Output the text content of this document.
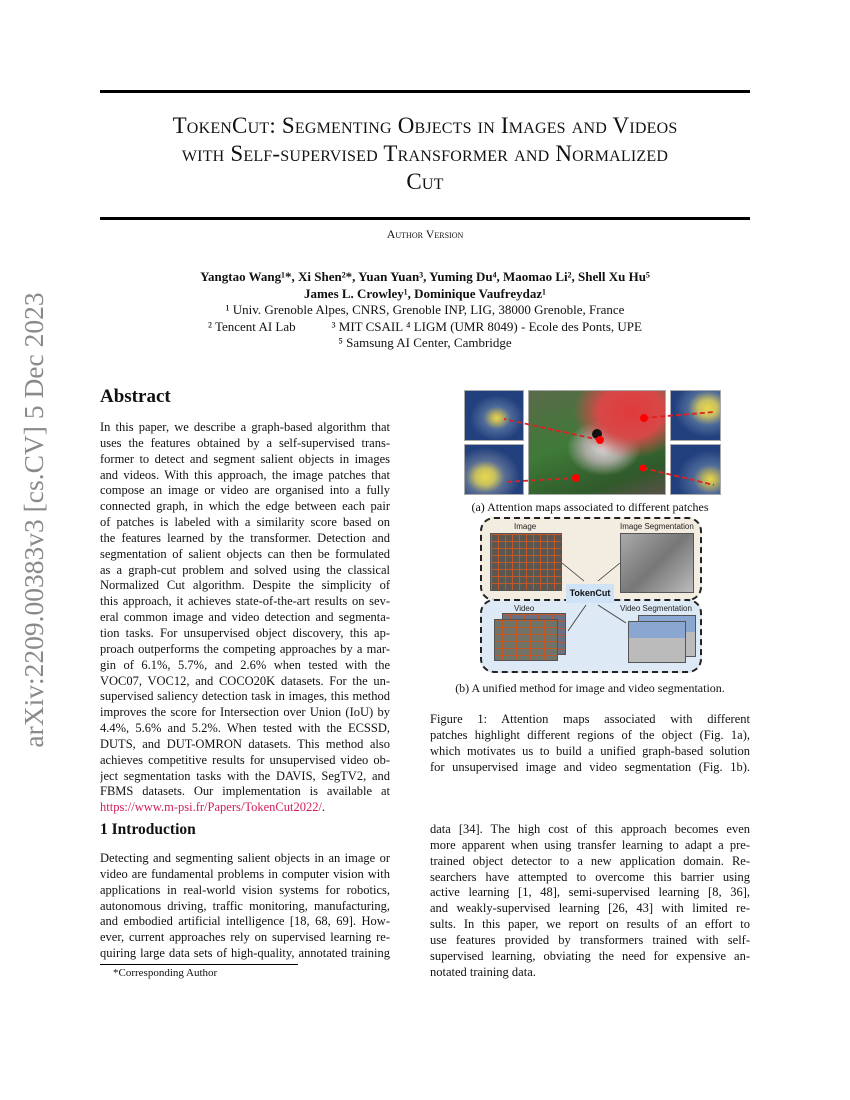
arXiv:2209.00383v3 [cs.CV] 5 Dec 2023
TokenCut: Segmenting Objects in Images and Videos
with Self-supervised Transformer and Normalized
Cut
Author Version
Yangtao Wang¹*, Xi Shen²*, Yuan Yuan³, Yuming Du⁴, Maomao Li², Shell Xu Hu⁵
James L. Crowley¹, Dominique Vaufreydaz¹
¹ Univ. Grenoble Alpes, CNRS, Grenoble INP, LIG, 38000 Grenoble, France
² Tencent AI Lab	³ MIT CSAIL ⁴ LIGM (UMR 8049) - Ecole des Ponts, UPE
⁵ Samsung AI Center, Cambridge
Abstract
In this paper, we describe a graph-based algorithm that
uses the features obtained by a self-supervised trans-
former to detect and segment salient objects in images
and videos. With this approach, the image patches that
compose an image or video are organised into a fully
connected graph, in which the edge between each pair
of patches is labeled with a similarity score based on
the features learned by the transformer. Detection and
segmentation of salient objects can then be formulated
as a graph-cut problem and solved using the classical
Normalized Cut algorithm. Despite the simplicity of
this approach, it achieves state-of-the-art results on sev-
eral common image and video detection and segmenta-
tion tasks. For unsupervised object discovery, this ap-
proach outperforms the competing approaches by a mar-
gin of 6.1%, 5.7%, and 2.6% when tested with the
VOC07, VOC12, and COCO20K datasets. For the un-
supervised saliency detection task in images, this method
improves the score for Intersection over Union (IoU) by
4.4%, 5.6% and 5.2%. When tested with the ECSSD,
DUTS, and DUT-OMRON datasets. This method also
achieves competitive results for unsupervised video ob-
ject segmentation tasks with the DAVIS, SegTV2, and
FBMS datasets. Our implementation is available at
https://www.m-psi.fr/Papers/TokenCut2022/.
(a) Attention maps associated to different patches
Image	Image Segmentation
TokenCut
Video	Video Segmentation
(b) A unified method for image and video segmentation.
Figure 1: Attention maps associated with different
patches highlight different regions of the object (Fig. 1a),
which motivates us to build a unified graph-based solution
for unsupervised image and video segmentation (Fig. 1b).
1 Introduction
Detecting and segmenting salient objects in an image or
video are fundamental problems in computer vision with
applications in real-world vision systems for robotics,
autonomous driving, traffic monitoring, manufacturing,
and embodied artificial intelligence [18, 68, 69]. How-
ever, current approaches rely on supervised learning re-
quiring large data sets of high-quality, annotated training
data [34]. The high cost of this approach becomes even
more apparent when using transfer learning to adapt a pre-
trained object detector to a new application domain. Re-
searchers have attempted to overcome this barrier using
active learning [1, 48], semi-supervised learning [8, 36],
and weakly-supervised learning [26, 43] with limited re-
sults. In this paper, we report on results of an effort to
use features provided by transformers trained with self-
supervised learning, obviating the need for expensive an-
notated training data.
*Corresponding Author
